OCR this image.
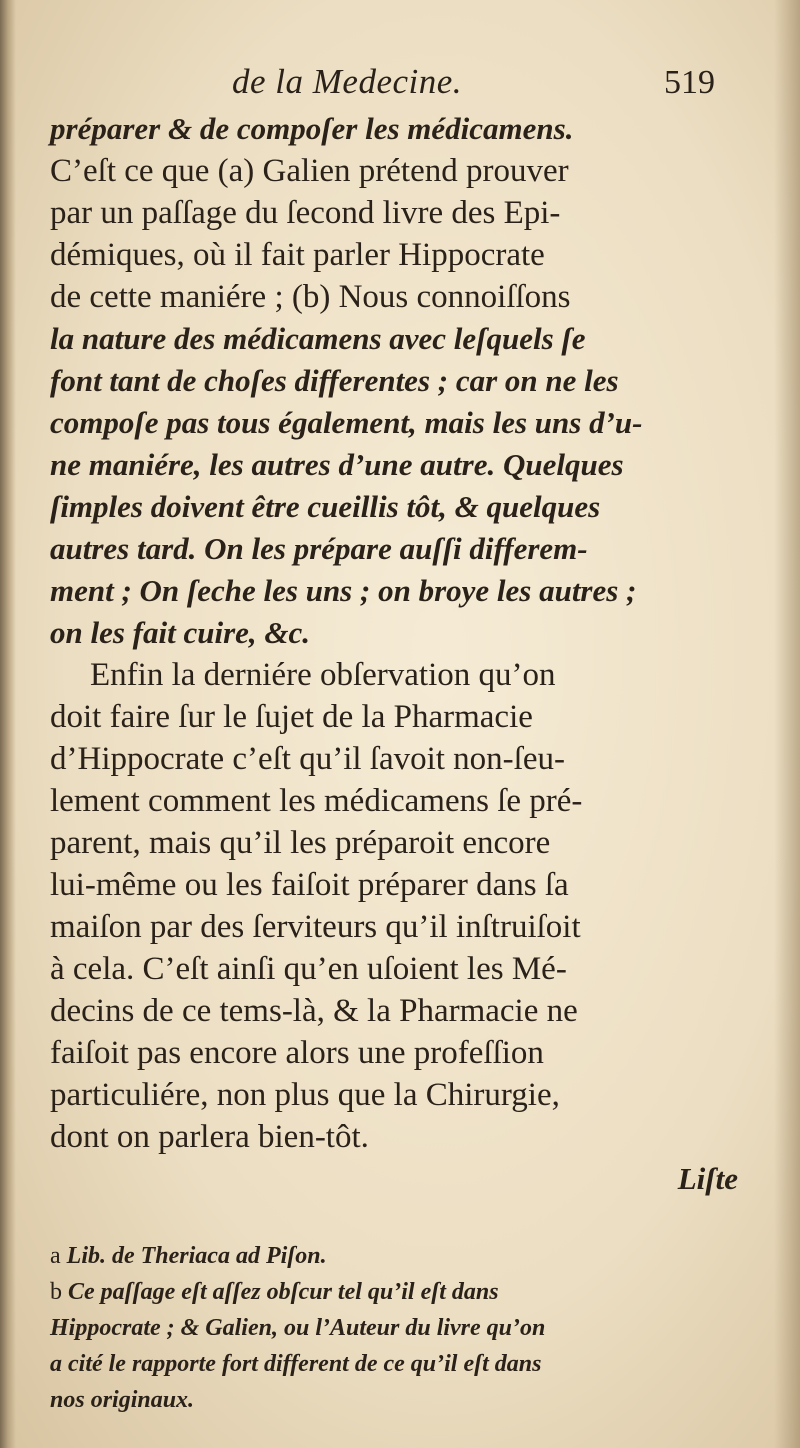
de la Medecine.	519
préparer & de compoſer les médicamens.
C’eſt ce que (a) Galien prétend prouver
par un paſſage du ſecond livre des Epi-
démiques, où il fait parler Hippocrate
de cette maniére ; (b) Nous connoiſſons
la nature des médicamens avec leſquels ſe
font tant de choſes differentes ; car on ne les
compoſe pas tous également, mais les uns d’u-
ne maniére, les autres d’une autre. Quelques
ſimples doivent être cueillis tôt, & quelques
autres tard. On les prépare auſſi differem-
ment ; On ſeche les uns ; on broye les autres ;
on les fait cuire, &c.
Enfin la derniére obſervation qu’on
doit faire ſur le ſujet de la Pharmacie
d’Hippocrate c’eſt qu’il ſavoit non-ſeu-
lement comment les médicamens ſe pré-
parent, mais qu’il les préparoit encore
lui-même ou les faiſoit préparer dans ſa
maiſon par des ſerviteurs qu’il inſtruiſoit
à cela. C’eſt ainſi qu’en uſoient les Mé-
decins de ce tems-là, & la Pharmacie ne
faiſoit pas encore alors une profeſſion
particuliére, non plus que la Chirurgie,
dont on parlera bien-tôt.
Liſte
a Lib. de Theriaca ad Piſon.
b Ce paſſage eſt aſſez obſcur tel qu’il eſt dans
Hippocrate ; & Galien, ou l’Auteur du livre qu’on
a cité le rapporte fort different de ce qu’il eſt dans
nos originaux.
